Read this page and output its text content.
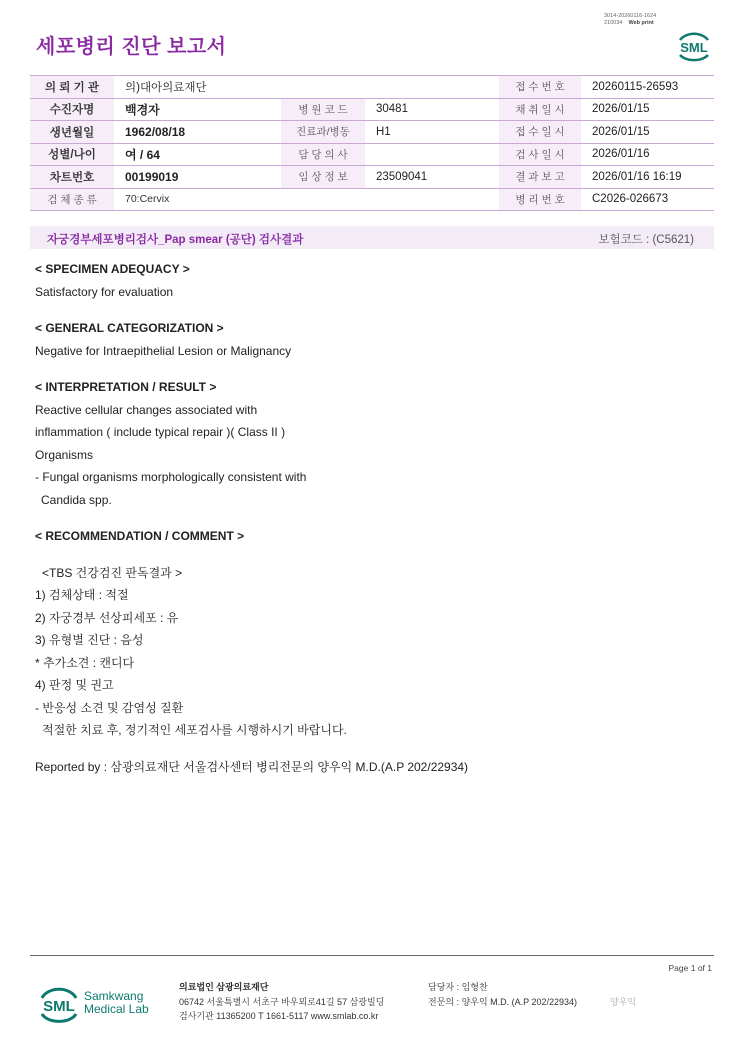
3014-20260116-1624
210034 Web print
세포병리 진단 보고서	SML
의 뢰 기 관	의)대아의료재단			접 수 번 호	20260115-26593
수진자명	백경자	병 원 코 드	30481	채 취 일 시	2026/01/15
생년월일	1962/08/18	진료과/병동	H1	접 수 일 시	2026/01/15
성별/나이	여 / 64	담 당 의 사		검 사 일 시	2026/01/16
차트번호	00199019	임 상 정 보	23509041	결 과 보 고	2026/01/16 16:19
검 체 종 류	70:Cervix			병 리 번 호	C2026-026673
자궁경부세포병리검사_Pap smear (공단) 검사결과	보험코드 : (C5621)
< SPECIMEN ADEQUACY >
Satisfactory for evaluation
< GENERAL CATEGORIZATION >
Negative for Intraepithelial Lesion or Malignancy
< INTERPRETATION / RESULT >
Reactive cellular changes associated with
inflammation ( include typical repair )( Class II )
Organisms
- Fungal organisms morphologically consistent with
Candida spp.
< RECOMMENDATION / COMMENT >
<TBS 건강검진 판독결과 >
1) 검체상태 : 적절
2) 자궁경부 선상피세포 : 유
3) 유형별 진단 : 음성
* 추가소견 : 캔디다
4) 판정 및 권고
- 반응성 소견 및 감염성 질환
적절한 치료 후, 정기적인 세포검사를 시행하시기 바랍니다.
Reported by : 삼광의료재단 서울검사센터 병리전문의 양우익 M.D.(A.P 202/22934)
Page 1 of 1
SML
Samkwang
Medical Lab
의료법인 삼광의료재단
06742 서울특별시 서초구 바우뫼로41길 57 삼광빌딩
검사기관 11365200 T 1661-5117 www.smlab.co.kr
담당자 : 임형찬
전문의 : 양우익 M.D. (A.P 202/22934)	양우익
